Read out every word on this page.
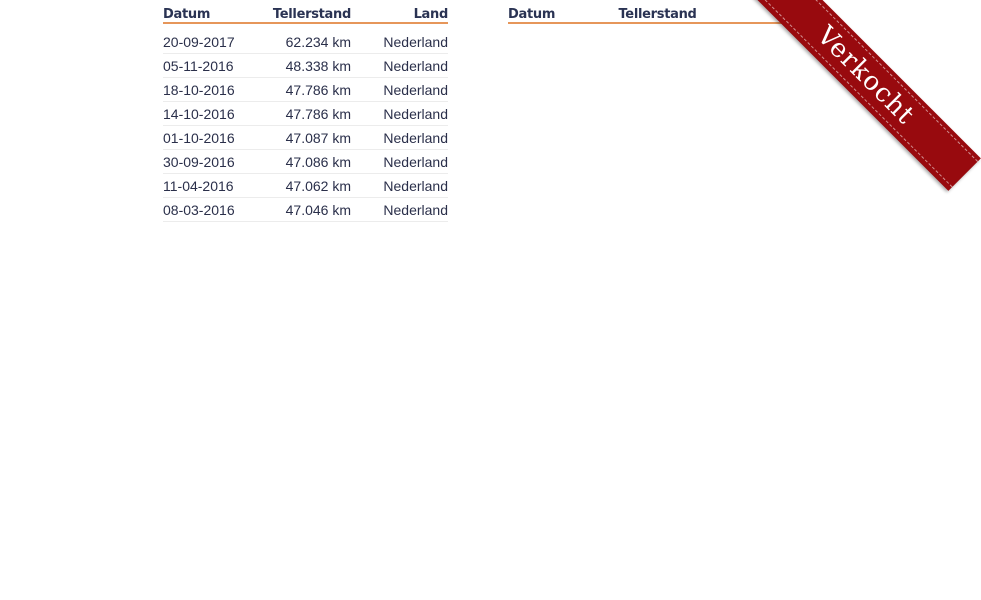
Datum	Tellerstand	Land
20-09-2017	62.234 km	Nederland
05-11-2016	48.338 km	Nederland
18-10-2016	47.786 km	Nederland
14-10-2016	47.786 km	Nederland
01-10-2016	47.087 km	Nederland
30-09-2016	47.086 km	Nederland
11-04-2016	47.062 km	Nederland
08-03-2016	47.046 km	Nederland
Datum	Tellerstand	
Verkocht
